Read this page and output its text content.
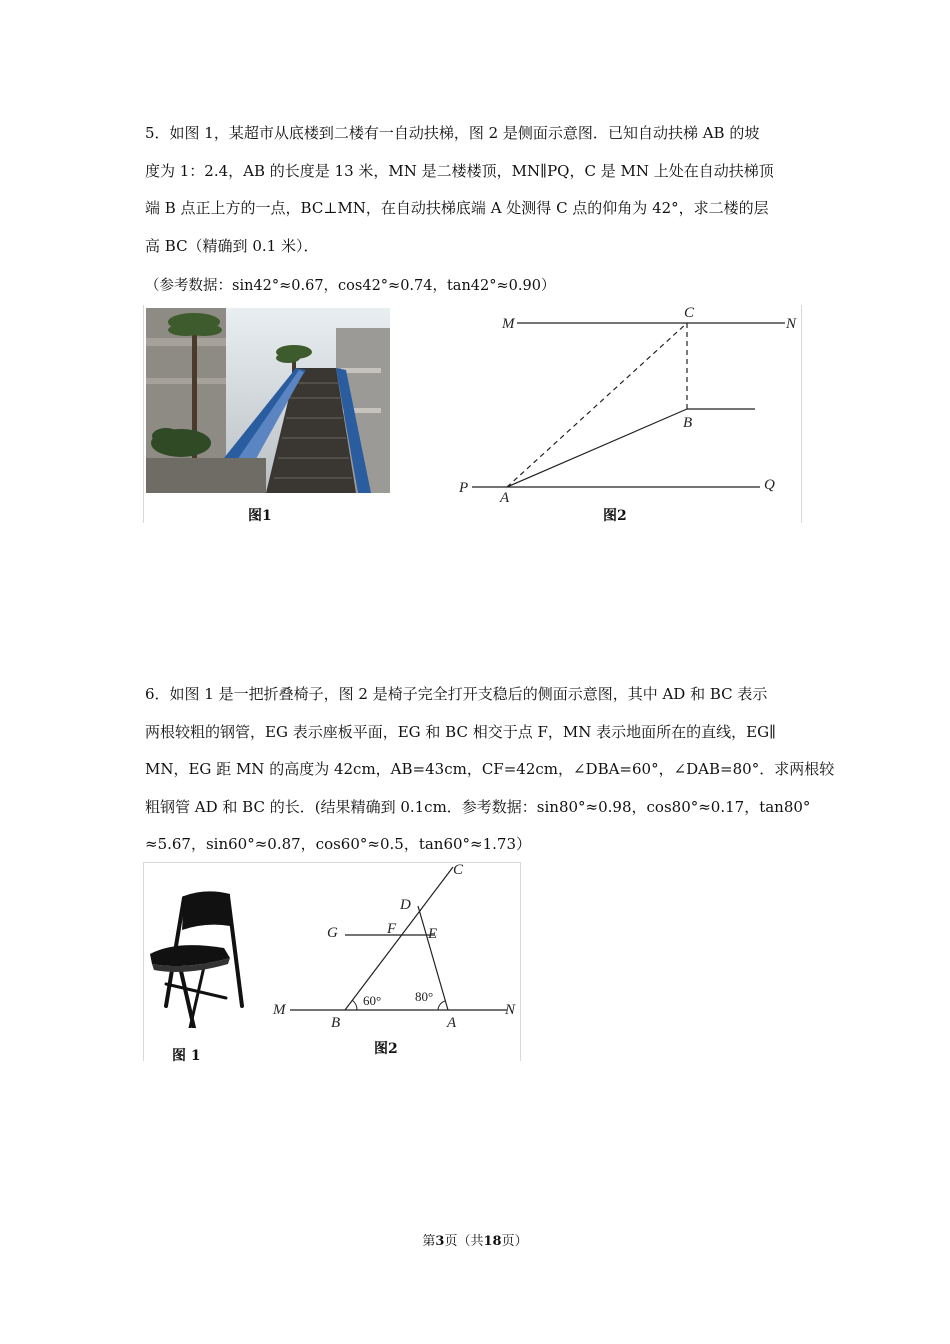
5．如图 1，某超市从底楼到二楼有一自动扶梯，图 2 是侧面示意图．已知自动扶梯 AB 的坡
度为 1：2.4，AB 的长度是 13 米，MN 是二楼楼顶，MN∥PQ，C 是 MN 上处在自动扶梯顶
端 B 点正上方的一点，BC⊥MN，在自动扶梯底端 A 处测得 C 点的仰角为 42°，求二楼的层
高 BC（精确到 0.1 米）．
（参考数据：sin42°≈0.67，cos42°≈0.74，tan42°≈0.90）
图1
M
C
N
B
P
A
Q
图2
6．如图 1 是一把折叠椅子，图 2 是椅子完全打开支稳后的侧面示意图，其中 AD 和 BC 表示
两根较粗的钢管，EG 表示座板平面，EG 和 BC 相交于点 F，MN 表示地面所在的直线，EG∥
MN，EG 距 MN 的高度为 42cm，AB=43cm，CF=42cm，∠DBA=60°，∠DAB=80°．求两根较
粗钢管 AD 和 BC 的长．(结果精确到 0.1cm．参考数据：sin80°≈0.98，cos80°≈0.17，tan80°
≈5.67，sin60°≈0.87，cos60°≈0.5，tan60°≈1.73）
图 1
C
D
G	F E
M
B	A
N
60°	80°
图2
第3页（共18页）
